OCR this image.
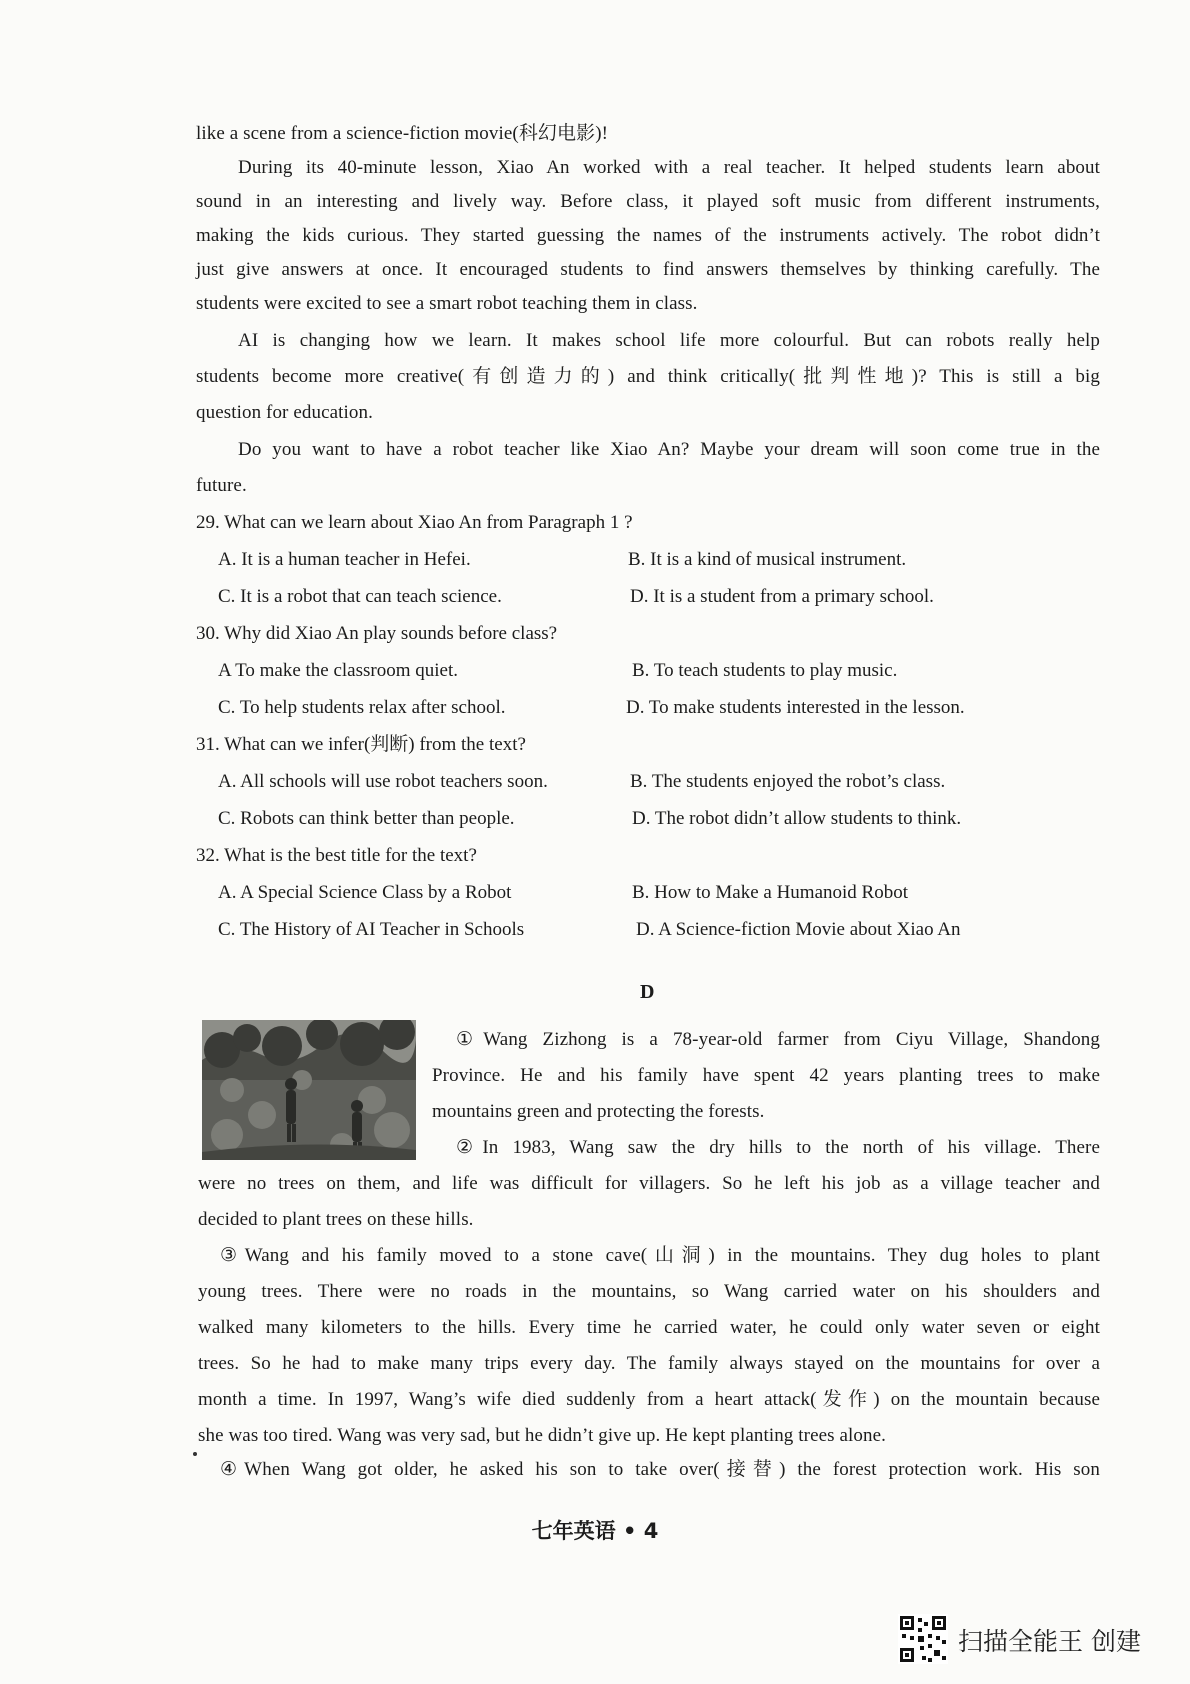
like a scene from a science-fiction movie(科幻电影)!
During its 40-minute lesson, Xiao An worked with a real teacher. It helped students learn about
sound in an interesting and lively way. Before class, it played soft music from different instruments,
making the kids curious. They started guessing the names of the instruments actively. The robot didn’t
just give answers at once. It encouraged students to find answers themselves by thinking carefully. The
students were excited to see a smart robot teaching them in class.
AI is changing how we learn. It makes school life more colourful. But can robots really help
students become more creative(有创造力的) and think critically(批判性地)? This is still a big
question for education.
Do you want to have a robot teacher like Xiao An? Maybe your dream will soon come true in the
future.
29. What can we learn about Xiao An from Paragraph 1 ?
A. It is a human teacher in Hefei.	B. It is a kind of musical instrument.
C. It is a robot that can teach science.	D. It is a student from a primary school.
30. Why did Xiao An play sounds before class?
A To make the classroom quiet.	B. To teach students to play music.
C. To help students relax after school.	D. To make students interested in the lesson.
31. What can we infer(判断) from the text?
A. All schools will use robot teachers soon.	B. The students enjoyed the robot’s class.
C. Robots can think better than people.	D. The robot didn’t allow students to think.
32. What is the best title for the text?
A. A Special Science Class by a Robot	B. How to Make a Humanoid Robot
C. The History of AI Teacher in Schools	D. A Science-fiction Movie about Xiao An
D
①Wang Zizhong is a 78-year-old farmer from Ciyu Village, Shandong
Province. He and his family have spent 42 years planting trees to make
mountains green and protecting the forests.
②In 1983, Wang saw the dry hills to the north of his village. There
were no trees on them, and life was difficult for villagers. So he left his job as a village teacher and
decided to plant trees on these hills.
③Wang and his family moved to a stone cave(山洞) in the mountains. They dug holes to plant
young trees. There were no roads in the mountains, so Wang carried water on his shoulders and
walked many kilometers to the hills. Every time he carried water, he could only water seven or eight
trees. So he had to make many trips every day. The family always stayed on the mountains for over a
month a time. In 1997, Wang’s wife died suddenly from a heart attack(发作) on the mountain because
she was too tired. Wang was very sad, but he didn’t give up. He kept planting trees alone.
④When Wang got older, he asked his son to take over(接替) the forest protection work. His son
七年英语 • 4
扫描全能王 创建
